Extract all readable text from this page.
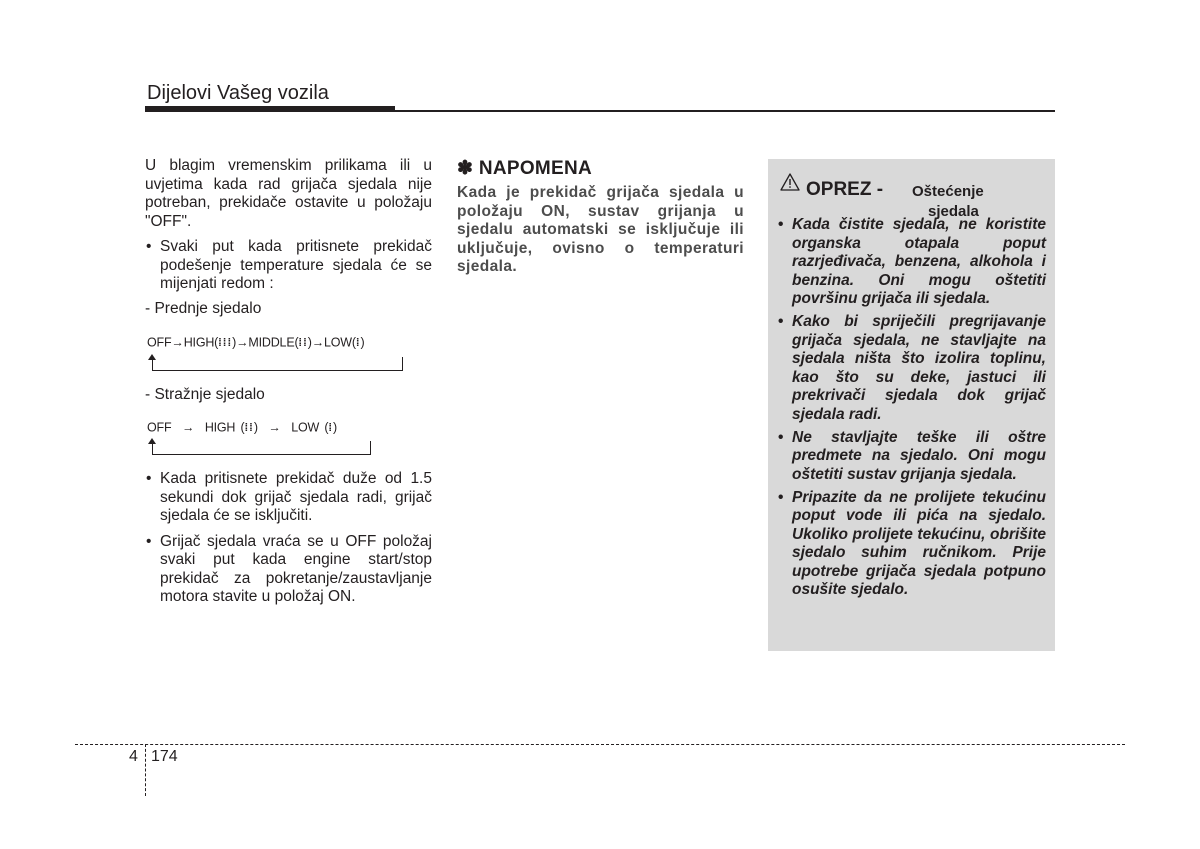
Dijelovi Vašeg vozila

U blagim vremenskim prilikama ili u uvjetima kada rad grijača sjedala nije potreban, prekidače ostavite u položaju "OFF".

• Svaki put kada pritisnete prekidač podešenje temperature sjedala će se mijenjati redom :
- Prednje sjedalo
OFF→HIGH(⁞⁞⁞)→MIDDLE(⁞⁞)→LOW(⁞)
- Stražnje sjedalo
OFF → HIGH (⁞⁞) → LOW (⁞)
• Kada pritisnete prekidač duže od 1.5 sekundi dok grijač sjedala radi, grijač sjedala će se isključiti.
• Grijač sjedala vraća se u OFF položaj svaki put kada engine start/stop prekidač za pokretanje/zaustavljanje motora stavite u položaj ON.
✽ NAPOMENA

Kada je prekidač grijača sjedala u položaju ON, sustav grijanja u sjedalu automatski se isključuje ili uključuje, ovisno o temperaturi sjedala.

OPREZ - Oštećenje
sjedala
• Kada čistite sjedala, ne koristite organska otapala poput razrjeđivača, benzena, alkohola i benzina. Oni mogu oštetiti površinu grijača ili sjedala.
• Kako bi spriječili pregrijavanje grijača sjedala, ne stavljajte na sjedala ništa što izolira toplinu, kao što su deke, jastuci ili prekrivači sjedala dok grijač sjedala radi.
• Ne stavljajte teške ili oštre predmete na sjedalo. Oni mogu oštetiti sustav grijanja sjedala.
• Pripazite da ne prolijete tekućinu poput vode ili pića na sjedalo. Ukoliko prolijete tekućinu, obrišite sjedalo suhim ručnikom. Prije upotrebe grijača sjedala potpuno osušite sjedalo.
4 174
